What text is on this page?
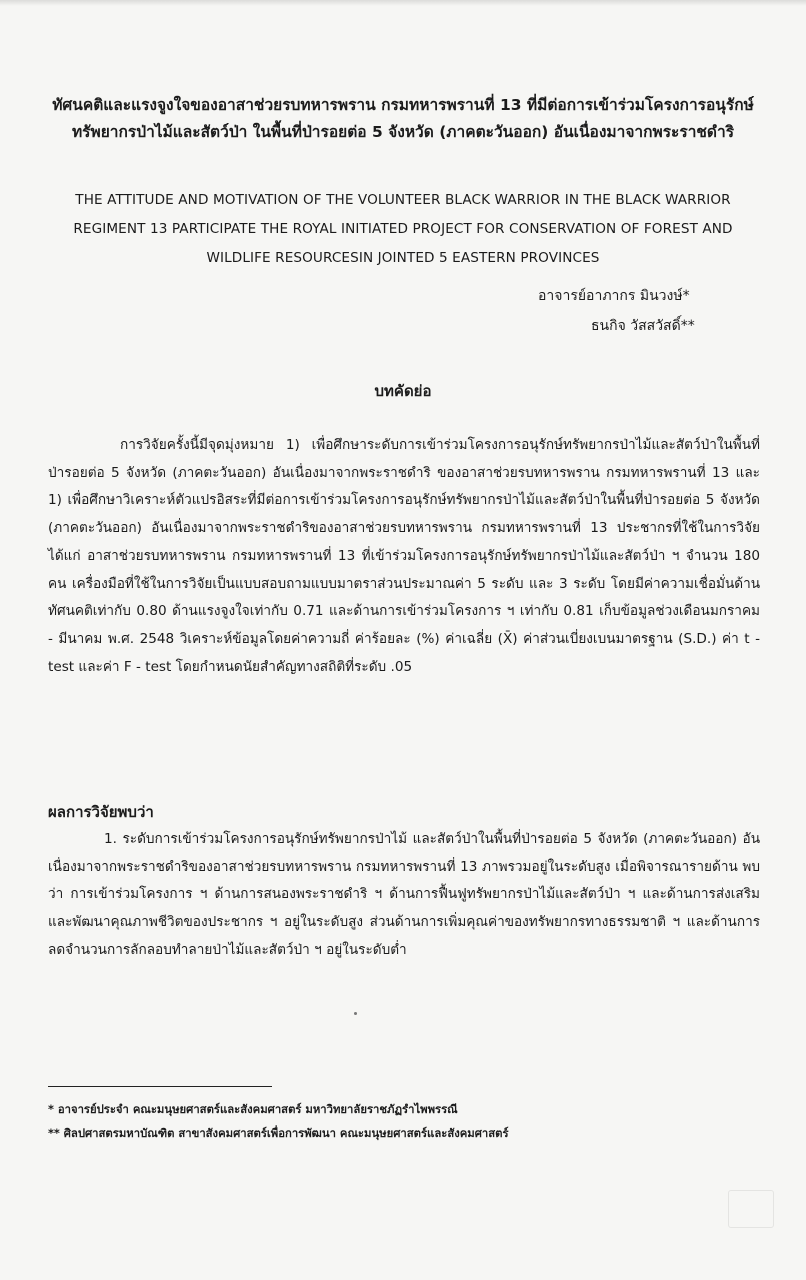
ทัศนคติและแรงจูงใจของอาสาช่วยรบทหารพราน กรมทหารพรานที่ 13 ที่มีต่อการเข้าร่วมโครงการอนุรักษ์ทรัพยากรป่าไม้และสัตว์ป่า ในพื้นที่ป่ารอยต่อ 5 จังหวัด (ภาคตะวันออก) อันเนื่องมาจากพระราชดำริ
THE ATTITUDE AND MOTIVATION OF THE VOLUNTEER BLACK WARRIOR IN THE BLACK WARRIOR REGIMENT 13 PARTICIPATE THE ROYAL INITIATED PROJECT FOR CONSERVATION OF FOREST AND WILDLIFE RESOURCESIN JOINTED 5 EASTERN PROVINCES
อาจารย์อาภากร มินวงษ์*
ธนกิจ วัสสวัสดิ์**
บทคัดย่อ
การวิจัยครั้งนี้มีจุดมุ่งหมาย 1) เพื่อศึกษาระดับการเข้าร่วมโครงการอนุรักษ์ทรัพยากรป่าไม้และสัตว์ป่าในพื้นที่ป่ารอยต่อ 5 จังหวัด (ภาคตะวันออก) อันเนื่องมาจากพระราชดำริ ของอาสาช่วยรบทหารพราน กรมทหารพรานที่ 13 และ 1) เพื่อศึกษาวิเคราะห์ตัวแปรอิสระที่มีต่อการเข้าร่วมโครงการอนุรักษ์ทรัพยากรป่าไม้และสัตว์ป่าในพื้นที่ป่ารอยต่อ 5 จังหวัด (ภาคตะวันออก) อันเนื่องมาจากพระราชดำริของอาสาช่วยรบทหารพราน กรมทหารพรานที่ 13 ประชากรที่ใช้ในการวิจัย ได้แก่ อาสาช่วยรบทหารพราน กรมทหารพรานที่ 13 ที่เข้าร่วมโครงการอนุรักษ์ทรัพยากรป่าไม้และสัตว์ป่า ฯ จำนวน 180 คน เครื่องมือที่ใช้ในการวิจัยเป็นแบบสอบถามแบบมาตราส่วนประมาณค่า 5 ระดับ และ 3 ระดับ โดยมีค่าความเชื่อมั่นด้านทัศนคติเท่ากับ 0.80 ด้านแรงจูงใจเท่ากับ 0.71 และด้านการเข้าร่วมโครงการ ฯ เท่ากับ 0.81 เก็บข้อมูลช่วงเดือนมกราคม - มีนาคม พ.ศ. 2548 วิเคราะห์ข้อมูลโดยค่าความถี่ ค่าร้อยละ (%) ค่าเฉลี่ย (X̄) ค่าส่วนเบี่ยงเบนมาตรฐาน (S.D.) ค่า t - test และค่า F - test โดยกำหนดนัยสำคัญทางสถิติที่ระดับ .05
ผลการวิจัยพบว่า
1. ระดับการเข้าร่วมโครงการอนุรักษ์ทรัพยากรป่าไม้ และสัตว์ป่าในพื้นที่ป่ารอยต่อ 5 จังหวัด (ภาคตะวันออก) อันเนื่องมาจากพระราชดำริของอาสาช่วยรบทหารพราน กรมทหารพรานที่ 13 ภาพรวมอยู่ในระดับสูง เมื่อพิจารณารายด้าน พบว่า การเข้าร่วมโครงการ ฯ ด้านการสนองพระราชดำริ ฯ ด้านการฟื้นฟูทรัพยากรป่าไม้และสัตว์ป่า ฯ และด้านการส่งเสริมและพัฒนาคุณภาพชีวิตของประชากร ฯ อยู่ในระดับสูง ส่วนด้านการเพิ่มคุณค่าของทรัพยากรทางธรรมชาติ ฯ และด้านการลดจำนวนการลักลอบทำลายป่าไม้และสัตว์ป่า ฯ อยู่ในระดับต่ำ
* อาจารย์ประจำ คณะมนุษยศาสตร์และสังคมศาสตร์ มหาวิทยาลัยราชภัฏรำไพพรรณี
** ศิลปศาสตรมหาบัณฑิต สาขาสังคมศาสตร์เพื่อการพัฒนา คณะมนุษยศาสตร์และสังคมศาสตร์
